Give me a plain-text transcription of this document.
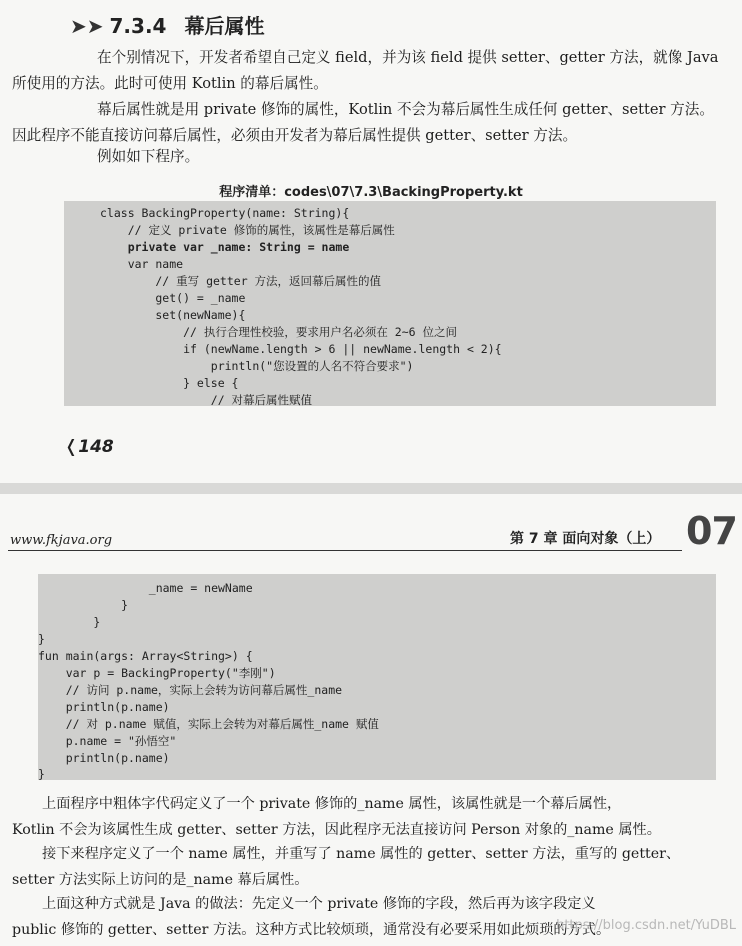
➤➤ 7.3.4 幕后属性
在个别情况下，开发者希望自己定义 field，并为该 field 提供 setter、getter 方法，就像 Java
所使用的方法。此时可使用 Kotlin 的幕后属性。
幕后属性就是用 private 修饰的属性，Kotlin 不会为幕后属性生成任何 getter、setter 方法。
因此程序不能直接访问幕后属性，必须由开发者为幕后属性提供 getter、setter 方法。
例如如下程序。
程序清单：codes\07\7.3\BackingProperty.kt
class BackingProperty(name: String){
// 定义 private 修饰的属性，该属性是幕后属性
private var _name: String = name
var name
// 重写 getter 方法，返回幕后属性的值
get() = _name
set(newName){
// 执行合理性校验，要求用户名必须在 2~6 位之间
if (newName.length > 6 || newName.length < 2){
println("您设置的人名不符合要求")
} else {
// 对幕后属性赋值
❬148
www.fkjava.org	第 7 章 面向对象（上） 07
_name = newName
}
}
}
fun main(args: Array<String>) {
var p = BackingProperty("李刚")
// 访问 p.name，实际上会转为访问幕后属性_name
println(p.name)
// 对 p.name 赋值，实际上会转为对幕后属性_name 赋值
p.name = "孙悟空"
println(p.name)
}
上面程序中粗体字代码定义了一个 private 修饰的_name 属性，该属性就是一个幕后属性，
Kotlin 不会为该属性生成 getter、setter 方法，因此程序无法直接访问 Person 对象的_name 属性。
接下来程序定义了一个 name 属性，并重写了 name 属性的 getter、setter 方法，重写的 getter、
setter 方法实际上访问的是_name 幕后属性。
上面这种方式就是 Java 的做法：先定义一个 private 修饰的字段，然后再为该字段定义
public 修饰的 getter、setter 方法。这种方式比较烦琐，通常没有必要采用如此烦琐的方式。
https://blog.csdn.net/YuDBL
